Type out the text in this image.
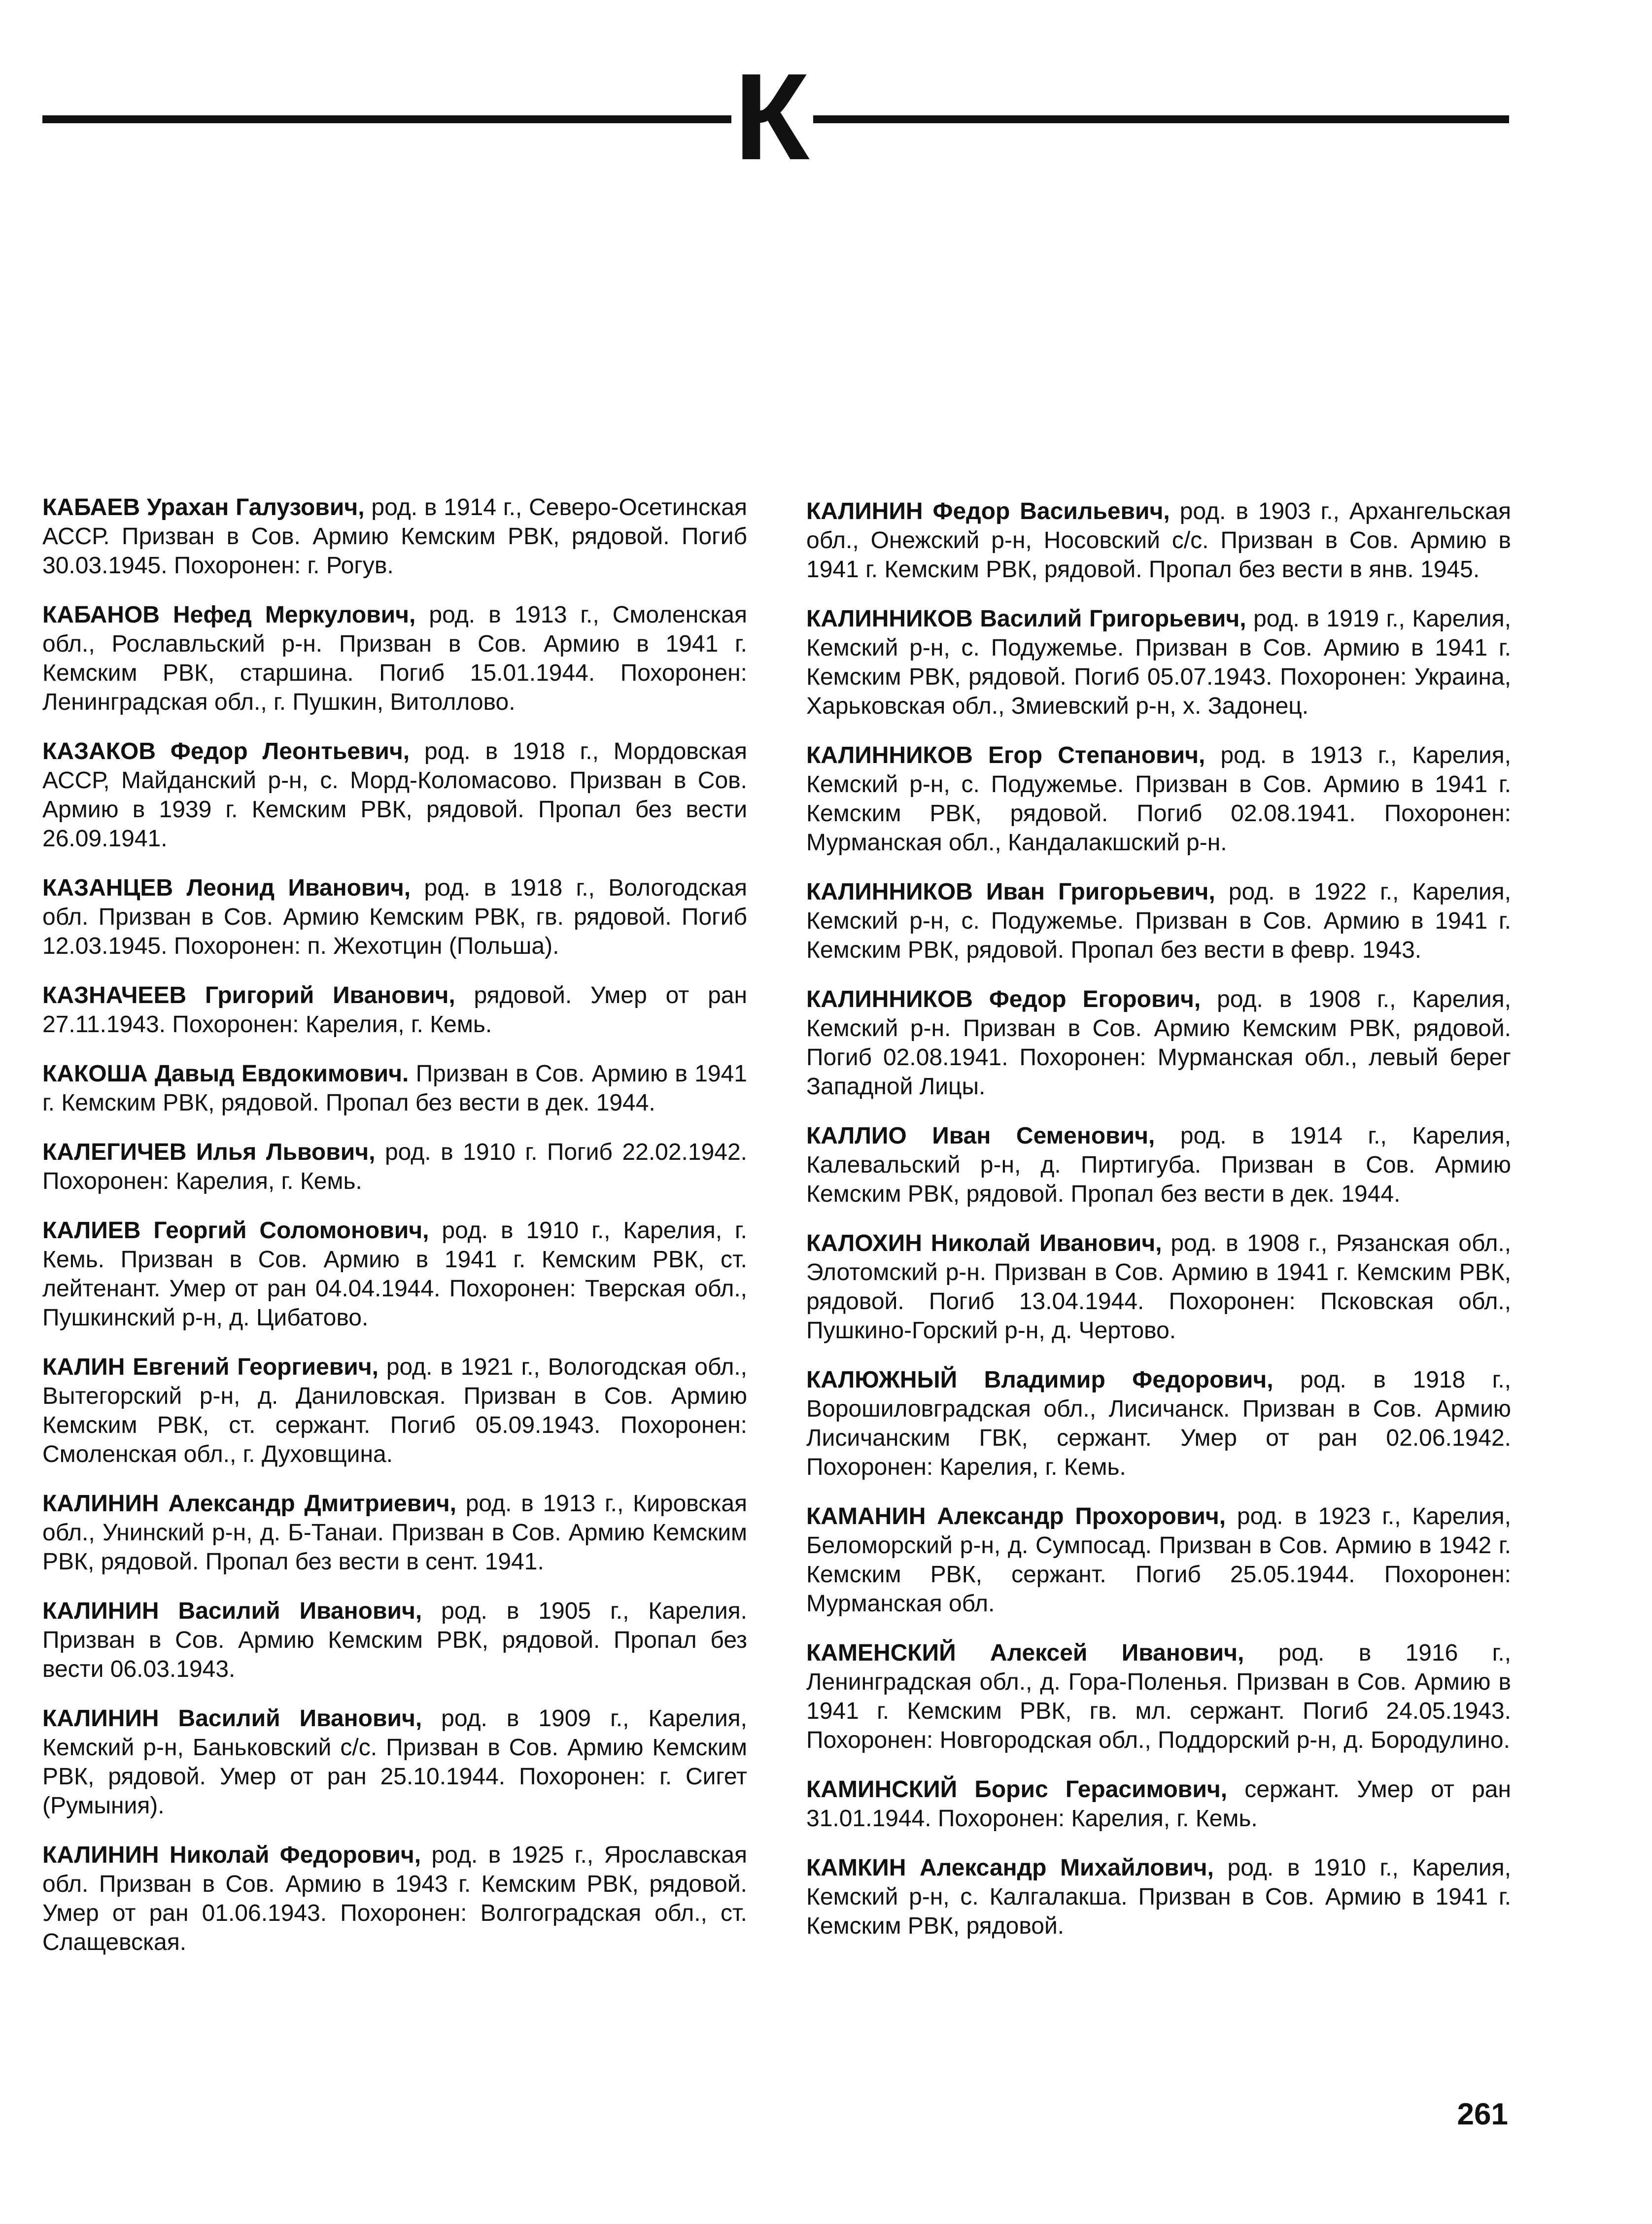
К

КАБАЕВ Урахан Галузович, род. в 1914 г., Северо-Осетинская АССР. Призван в Сов. Армию Кемским РВК, рядовой. Погиб 30.03.1945. Похоронен: г. Рогув.

КАБАНОВ Нефед Меркулович, род. в 1913 г., Смоленская обл., Рославльский р-н. Призван в Сов. Армию в 1941 г. Кемским РВК, старшина. Погиб 15.01.1944. Похоронен: Ленинградская обл., г. Пушкин, Витоллово.

КАЗАКОВ Федор Леонтьевич, род. в 1918 г., Мордовская АССР, Майданский р-н, с. Морд-Коломасово. Призван в Сов. Армию в 1939 г. Кемским РВК, рядовой. Пропал без вести 26.09.1941.

КАЗАНЦЕВ Леонид Иванович, род. в 1918 г., Вологодская обл. Призван в Сов. Армию Кемским РВК, гв. рядовой. Погиб 12.03.1945. Похоронен: п. Жехотцин (Польша).

КАЗНАЧЕЕВ Григорий Иванович, рядовой. Умер от ран 27.11.1943. Похоронен: Карелия, г. Кемь.

КАКОША Давыд Евдокимович. Призван в Сов. Армию в 1941 г. Кемским РВК, рядовой. Пропал без вести в дек. 1944.

КАЛЕГИЧЕВ Илья Львович, род. в 1910 г. Погиб 22.02.1942. Похоронен: Карелия, г. Кемь.

КАЛИЕВ Георгий Соломонович, род. в 1910 г., Карелия, г. Кемь. Призван в Сов. Армию в 1941 г. Кемским РВК, ст. лейтенант. Умер от ран 04.04.1944. Похоронен: Тверская обл., Пушкинский р-н, д. Цибатово.

КАЛИН Евгений Георгиевич, род. в 1921 г., Вологодская обл., Вытегорский р-н, д. Даниловская. Призван в Сов. Армию Кемским РВК, ст. сержант. Погиб 05.09.1943. Похоронен: Смоленская обл., г. Духовщина.

КАЛИНИН Александр Дмитриевич, род. в 1913 г., Кировская обл., Унинский р-н, д. Б-Танаи. Призван в Сов. Армию Кемским РВК, рядовой. Пропал без вести в сент. 1941.

КАЛИНИН Василий Иванович, род. в 1905 г., Карелия. Призван в Сов. Армию Кемским РВК, рядовой. Пропал без вести 06.03.1943.

КАЛИНИН Василий Иванович, род. в 1909 г., Карелия, Кемский р-н, Баньковский с/с. Призван в Сов. Армию Кемским РВК, рядовой. Умер от ран 25.10.1944. Похоронен: г. Сигет (Румыния).

КАЛИНИН Николай Федорович, род. в 1925 г., Ярославская обл. Призван в Сов. Армию в 1943 г. Кемским РВК, рядовой. Умер от ран 01.06.1943. Похоронен: Волгоградская обл., ст. Слащевская.

КАЛИНИН Федор Васильевич, род. в 1903 г., Архангельская обл., Онежский р-н, Носовский с/с. Призван в Сов. Армию в 1941 г. Кемским РВК, рядовой. Пропал без вести в янв. 1945.

КАЛИННИКОВ Василий Григорьевич, род. в 1919 г., Карелия, Кемский р-н, с. Подужемье. Призван в Сов. Армию в 1941 г. Кемским РВК, рядовой. Погиб 05.07.1943. Похоронен: Украина, Харьковская обл., Змиевский р-н, х. Задонец.

КАЛИННИКОВ Егор Степанович, род. в 1913 г., Карелия, Кемский р-н, с. Подужемье. Призван в Сов. Армию в 1941 г. Кемским РВК, рядовой. Погиб 02.08.1941. Похоронен: Мурманская обл., Кандалакшский р-н.

КАЛИННИКОВ Иван Григорьевич, род. в 1922 г., Карелия, Кемский р-н, с. Подужемье. Призван в Сов. Армию в 1941 г. Кемским РВК, рядовой. Пропал без вести в февр. 1943.

КАЛИННИКОВ Федор Егорович, род. в 1908 г., Карелия, Кемский р-н. Призван в Сов. Армию Кемским РВК, рядовой. Погиб 02.08.1941. Похоронен: Мурманская обл., левый берег Западной Лицы.

КАЛЛИО Иван Семенович, род. в 1914 г., Карелия, Калевальский р-н, д. Пиртигуба. Призван в Сов. Армию Кемским РВК, рядовой. Пропал без вести в дек. 1944.

КАЛОХИН Николай Иванович, род. в 1908 г., Рязанская обл., Элотомский р-н. Призван в Сов. Армию в 1941 г. Кемским РВК, рядовой. Погиб 13.04.1944. Похоронен: Псковская обл., Пушкино-Горский р-н, д. Чертово.

КАЛЮЖНЫЙ Владимир Федорович, род. в 1918 г., Ворошиловградская обл., Лисичанск. Призван в Сов. Армию Лисичанским ГВК, сержант. Умер от ран 02.06.1942. Похоронен: Карелия, г. Кемь.

КАМАНИН Александр Прохорович, род. в 1923 г., Карелия, Беломорский р-н, д. Сумпосад. Призван в Сов. Армию в 1942 г. Кемским РВК, сержант. Погиб 25.05.1944. Похоронен: Мурманская обл.

КАМЕНСКИЙ Алексей Иванович, род. в 1916 г., Ленинградская обл., д. Гора-Поленья. Призван в Сов. Армию в 1941 г. Кемским РВК, гв. мл. сержант. Погиб 24.05.1943. Похоронен: Новгородская обл., Поддорский р-н, д. Бородулино.

КАМИНСКИЙ Борис Герасимович, сержант. Умер от ран 31.01.1944. Похоронен: Карелия, г. Кемь.

КАМКИН Александр Михайлович, род. в 1910 г., Карелия, Кемский р-н, с. Калгалакша. Призван в Сов. Армию в 1941 г. Кемским РВК, рядовой.

261
